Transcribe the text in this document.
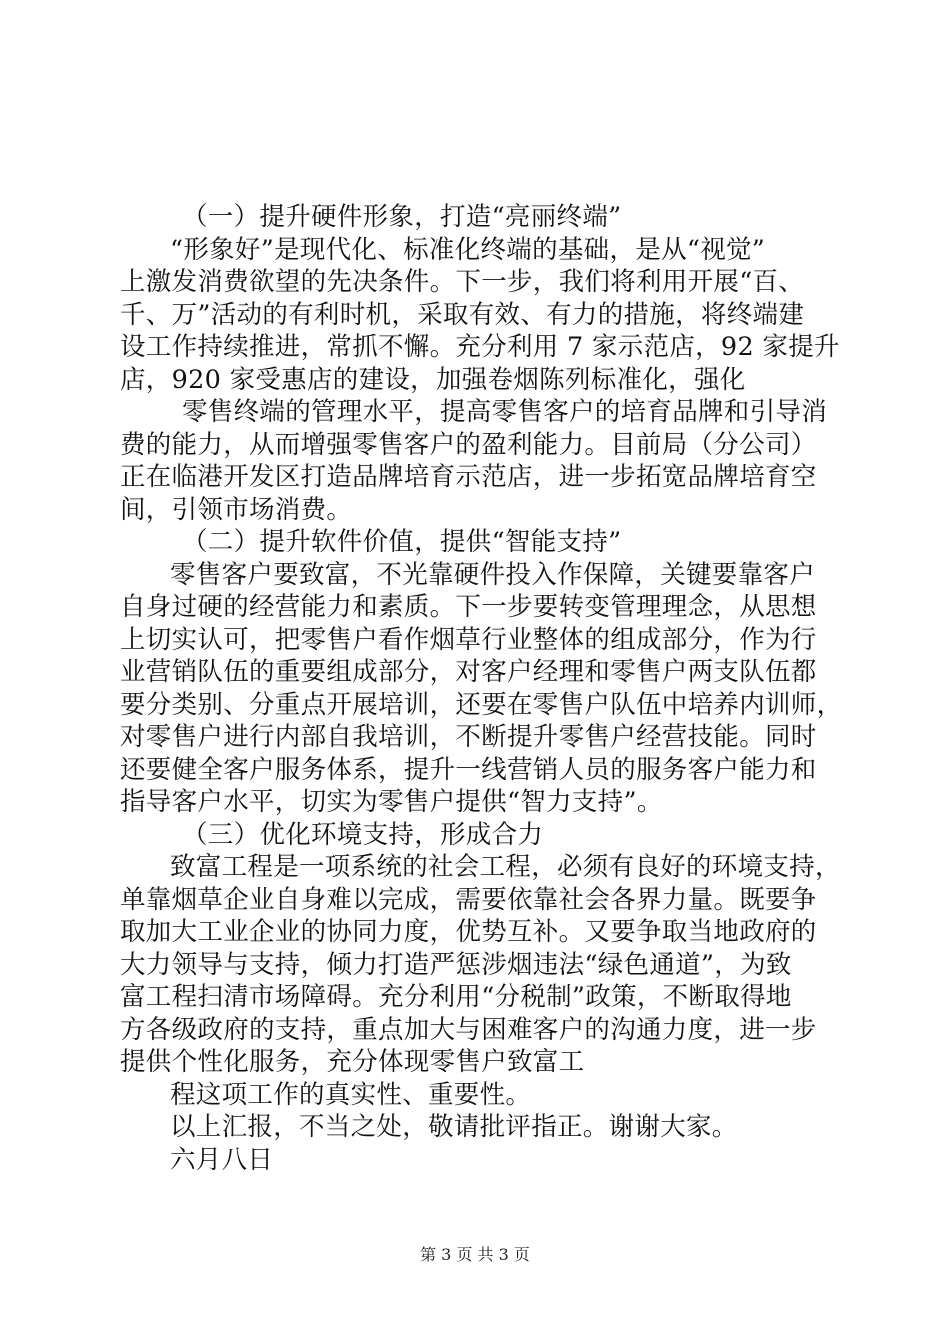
（一）提升硬件形象，打造“亮丽终端”
“形象好”是现代化、标准化终端的基础，是从“视觉”
上激发消费欲望的先决条件。下一步，我们将利用开展“百、
千、万”活动的有利时机，采取有效、有力的措施，将终端建
设工作持续推进，常抓不懈。充分利用 7 家示范店，92 家提升
店，920 家受惠店的建设，加强卷烟陈列标准化，强化
零售终端的管理水平，提高零售客户的培育品牌和引导消
费的能力，从而增强零售客户的盈利能力。目前局（分公司）
正在临港开发区打造品牌培育示范店，进一步拓宽品牌培育空
间，引领市场消费。
（二）提升软件价值，提供“智能支持”
零售客户要致富，不光靠硬件投入作保障，关键要靠客户
自身过硬的经营能力和素质。下一步要转变管理理念，从思想
上切实认可，把零售户看作烟草行业整体的组成部分，作为行
业营销队伍的重要组成部分，对客户经理和零售户两支队伍都
要分类别、分重点开展培训，还要在零售户队伍中培养内训师，
对零售户进行内部自我培训，不断提升零售户经营技能。同时
还要健全客户服务体系，提升一线营销人员的服务客户能力和
指导客户水平，切实为零售户提供“智力支持”。
（三）优化环境支持，形成合力
致富工程是一项系统的社会工程，必须有良好的环境支持，
单靠烟草企业自身难以完成，需要依靠社会各界力量。既要争
取加大工业企业的协同力度，优势互补。又要争取当地政府的
大力领导与支持，倾力打造严惩涉烟违法“绿色通道”，为致
富工程扫清市场障碍。充分利用“分税制”政策，不断取得地
方各级政府的支持，重点加大与困难客户的沟通力度，进一步
提供个性化服务，充分体现零售户致富工
程这项工作的真实性、重要性。
以上汇报，不当之处，敬请批评指正。谢谢大家。
六月八日
第 3 页 共 3 页
